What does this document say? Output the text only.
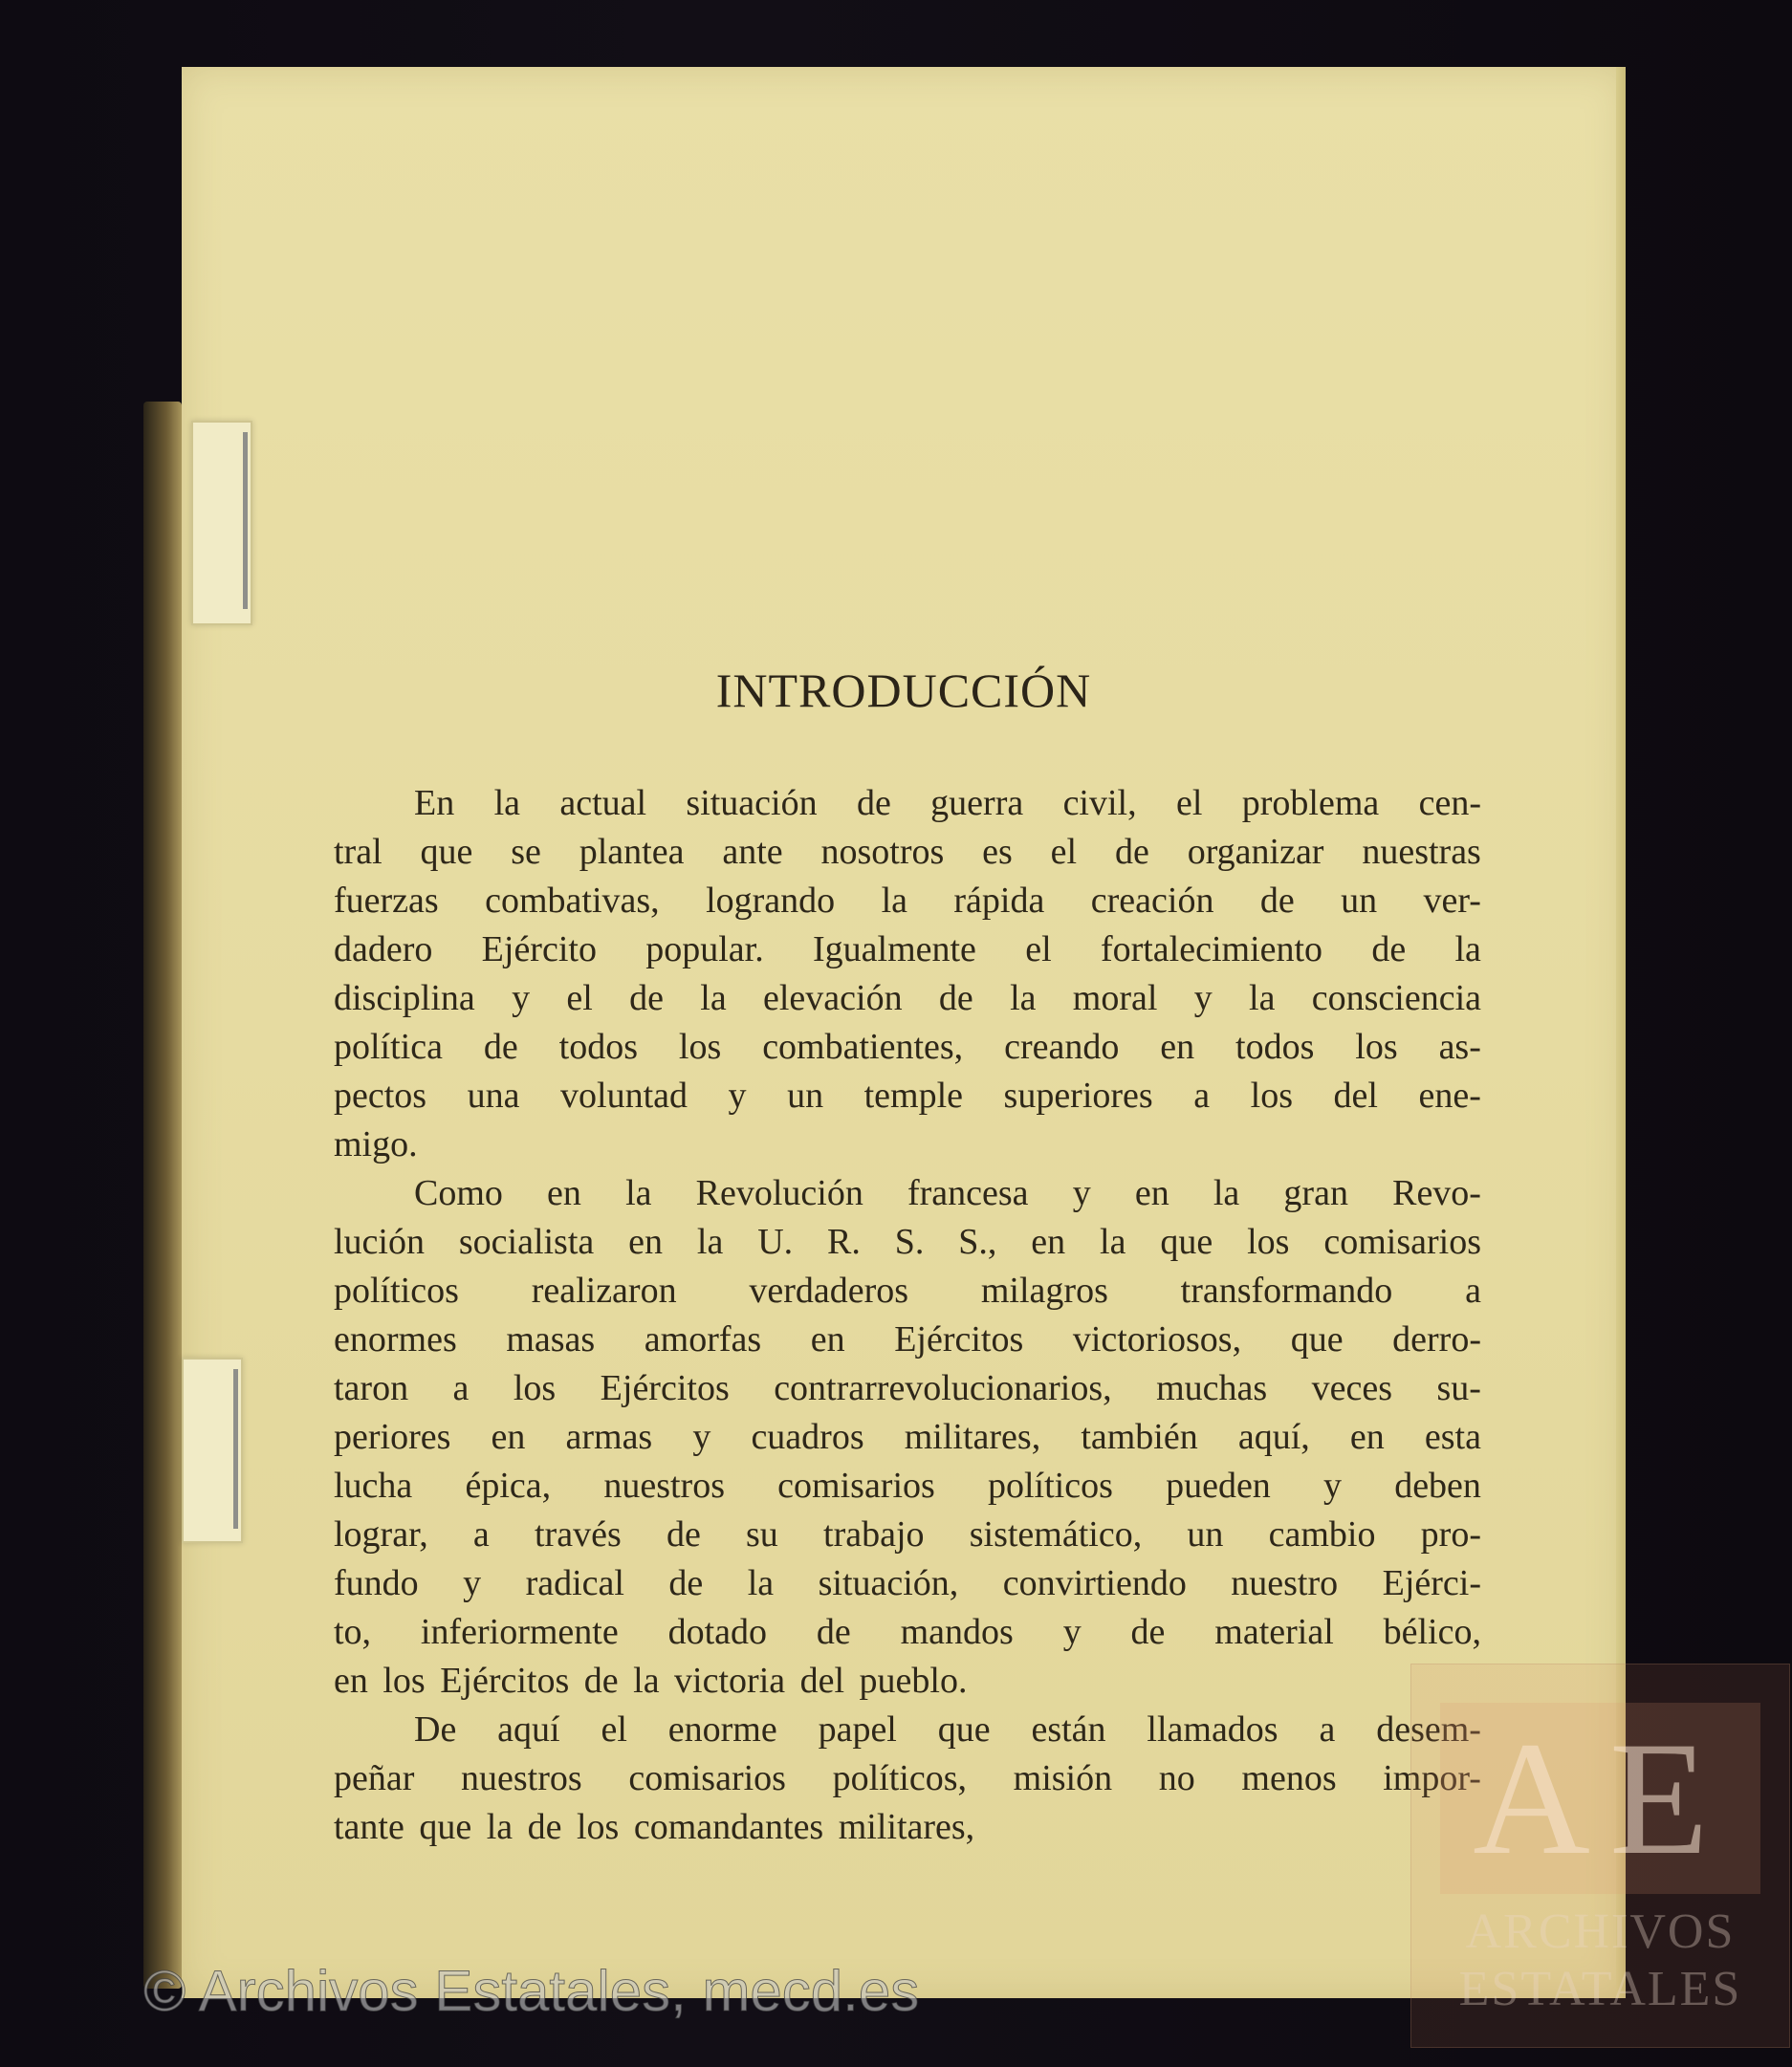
INTRODUCCIÓN
En la actual situación de guerra civil, el problema cen-
tral que se plantea ante nosotros es el de organizar nuestras
fuerzas combativas, logrando la rápida creación de un ver-
dadero Ejército popular. Igualmente el fortalecimiento de la
disciplina y el de la elevación de la moral y la consciencia
política de todos los combatientes, creando en todos los as-
pectos una voluntad y un temple superiores a los del ene-
migo.
Como en la Revolución francesa y en la gran Revo-
lución socialista en la U. R. S. S., en la que los comisarios
políticos realizaron verdaderos milagros transformando a
enormes masas amorfas en Ejércitos victoriosos, que derro-
taron a los Ejércitos contrarrevolucionarios, muchas veces su-
periores en armas y cuadros militares, también aquí, en esta
lucha épica, nuestros comisarios políticos pueden y deben
lograr, a través de su trabajo sistemático, un cambio pro-
fundo y radical de la situación, convirtiendo nuestro Ejérci-
to, inferiormente dotado de mandos y de material bélico,
en los Ejércitos de la victoria del pueblo.
De aquí el enorme papel que están llamados a desem-
peñar nuestros comisarios políticos, misión no menos impor-
tante que la de los comandantes militares,
© Archivos Estatales, mecd.es
AE
ARCHIVOS
ESTATALES
